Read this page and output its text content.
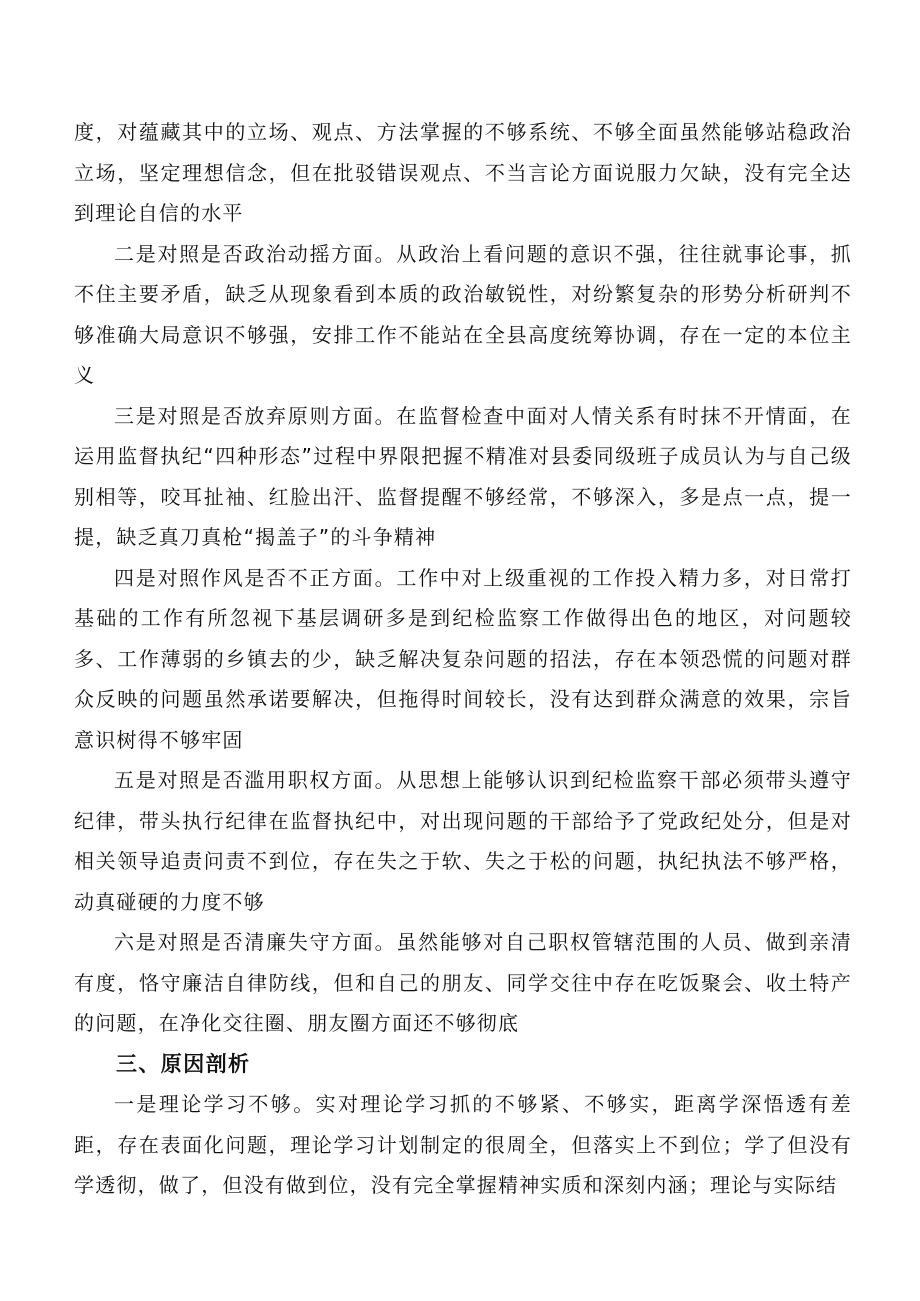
度，对蕴藏其中的立场、观点、方法掌握的不够系统、不够全面虽然能够站稳政治立场，坚定理想信念，但在批驳错误观点、不当言论方面说服力欠缺，没有完全达到理论自信的水平

二是对照是否政治动摇方面。从政治上看问题的意识不强，往往就事论事，抓不住主要矛盾，缺乏从现象看到本质的政治敏锐性，对纷繁复杂的形势分析研判不够准确大局意识不够强，安排工作不能站在全县高度统筹协调，存在一定的本位主义

三是对照是否放弃原则方面。在监督检查中面对人情关系有时抹不开情面，在运用监督执纪“四种形态”过程中界限把握不精准对县委同级班子成员认为与自己级别相等，咬耳扯袖、红脸出汗、监督提醒不够经常，不够深入，多是点一点，提一提，缺乏真刀真枪“揭盖子”的斗争精神

四是对照作风是否不正方面。工作中对上级重视的工作投入精力多，对日常打基础的工作有所忽视下基层调研多是到纪检监察工作做得出色的地区，对问题较多、工作薄弱的乡镇去的少，缺乏解决复杂问题的招法，存在本领恐慌的问题对群众反映的问题虽然承诺要解决，但拖得时间较长，没有达到群众满意的效果，宗旨意识树得不够牢固

五是对照是否滥用职权方面。从思想上能够认识到纪检监察干部必须带头遵守纪律，带头执行纪律在监督执纪中，对出现问题的干部给予了党政纪处分，但是对相关领导追责问责不到位，存在失之于软、失之于松的问题，执纪执法不够严格，动真碰硬的力度不够

六是对照是否清廉失守方面。虽然能够对自己职权管辖范围的人员、做到亲清有度，恪守廉洁自律防线，但和自己的朋友、同学交往中存在吃饭聚会、收土特产的问题，在净化交往圈、朋友圈方面还不够彻底

三、原因剖析

一是理论学习不够。实对理论学习抓的不够紧、不够实，距离学深悟透有差距，存在表面化问题，理论学习计划制定的很周全，但落实上不到位；学了但没有学透彻，做了，但没有做到位，没有完全掌握精神实质和深刻内涵；理论与实际结
